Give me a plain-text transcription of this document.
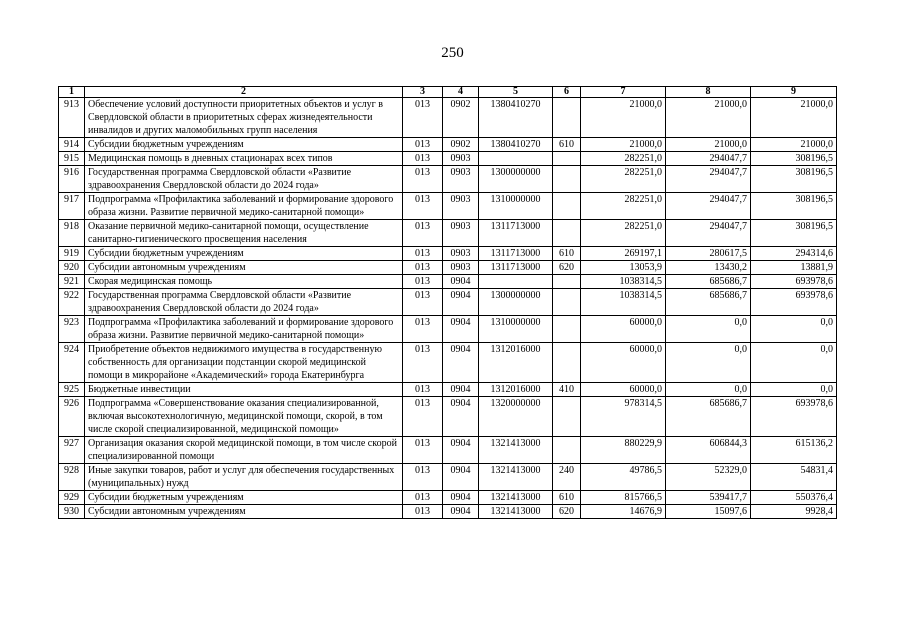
250
1	2	3	4	5	6	7	8	9
913	Обеспечение условий доступности приоритетных объектов и услуг в Свердловской области в приоритетных сферах жизнедеятельности инвалидов и других маломобильных групп населения	013	0902	1380410270		21000,0	21000,0	21000,0
914	Субсидии бюджетным учреждениям	013	0902	1380410270	610	21000,0	21000,0	21000,0
915	Медицинская помощь в дневных стационарах всех типов	013	0903			282251,0	294047,7	308196,5
916	Государственная программа Свердловской области «Развитие здравоохранения Свердловской области до 2024 года»	013	0903	1300000000		282251,0	294047,7	308196,5
917	Подпрограмма «Профилактика заболеваний и формирование здорового образа жизни. Развитие первичной медико-санитарной помощи»	013	0903	1310000000		282251,0	294047,7	308196,5
918	Оказание первичной медико-санитарной помощи, осуществление санитарно-гигиенического просвещения населения	013	0903	1311713000		282251,0	294047,7	308196,5
919	Субсидии бюджетным учреждениям	013	0903	1311713000	610	269197,1	280617,5	294314,6
920	Субсидии автономным учреждениям	013	0903	1311713000	620	13053,9	13430,2	13881,9
921	Скорая медицинская помощь	013	0904			1038314,5	685686,7	693978,6
922	Государственная программа Свердловской области «Развитие здравоохранения Свердловской области до 2024 года»	013	0904	1300000000		1038314,5	685686,7	693978,6
923	Подпрограмма «Профилактика заболеваний и формирование здорового образа жизни. Развитие первичной медико-санитарной помощи»	013	0904	1310000000		60000,0	0,0	0,0
924	Приобретение объектов недвижимого имущества в государственную собственность для организации подстанции скорой медицинской помощи в микрорайоне «Академический» города Екатеринбурга	013	0904	1312016000		60000,0	0,0	0,0
925	Бюджетные инвестиции	013	0904	1312016000	410	60000,0	0,0	0,0
926	Подпрограмма «Совершенствование оказания специализированной, включая высокотехнологичную, медицинской помощи, скорой, в том числе скорой специализированной, медицинской помощи»	013	0904	1320000000		978314,5	685686,7	693978,6
927	Организация оказания скорой медицинской помощи, в том числе скорой специализированной помощи	013	0904	1321413000		880229,9	606844,3	615136,2
928	Иные закупки товаров, работ и услуг для обеспечения государственных (муниципальных) нужд	013	0904	1321413000	240	49786,5	52329,0	54831,4
929	Субсидии бюджетным учреждениям	013	0904	1321413000	610	815766,5	539417,7	550376,4
930	Субсидии автономным учреждениям	013	0904	1321413000	620	14676,9	15097,6	9928,4
